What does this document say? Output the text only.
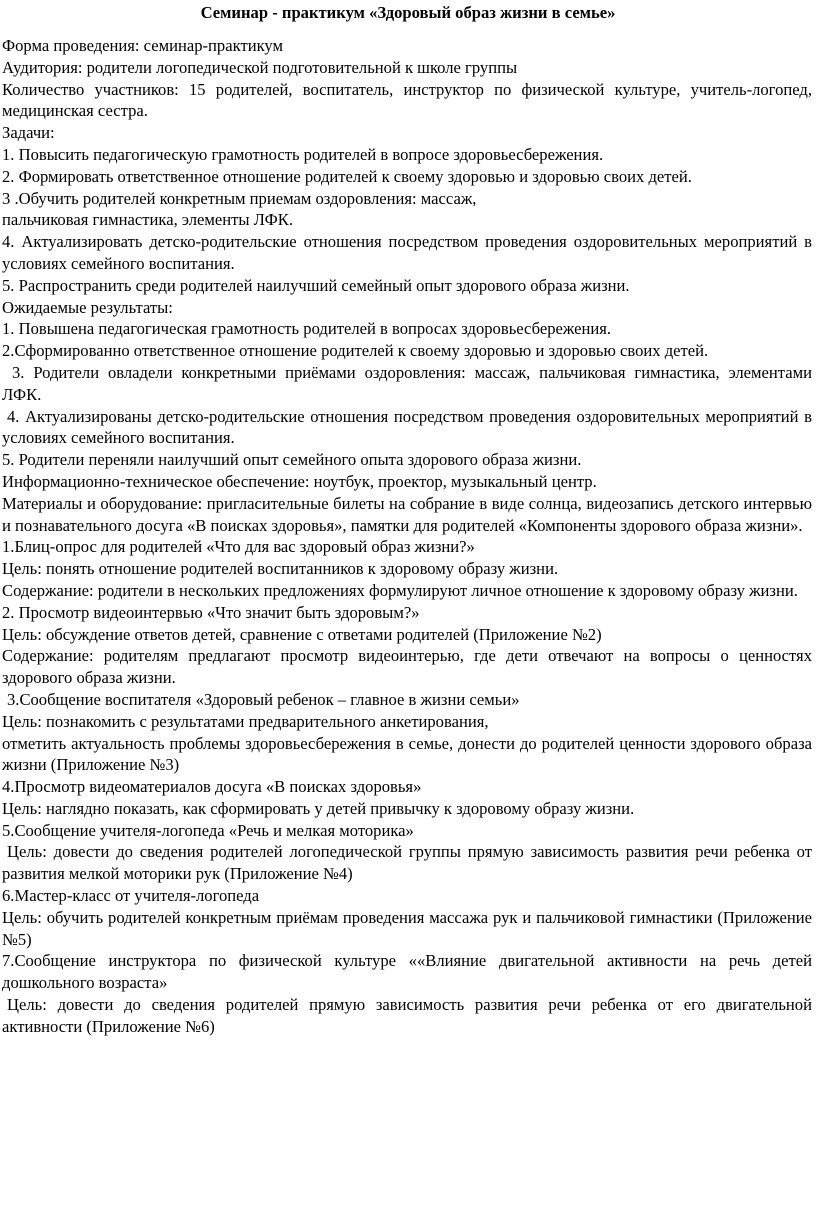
Семинар - практикум «Здоровый образ жизни в семье»

Форма проведения: семинар-практикум

Аудитория: родители логопедической подготовительной к школе группы

Количество участников: 15 родителей, воспитатель, инструктор по физической культуре, учитель-логопед, медицинская сестра.

Задачи:

1. Повысить педагогическую грамотность родителей в вопросе здоровьесбережения.

2. Формировать ответственное отношение родителей к своему здоровью и здоровью своих детей.

3 .Обучить родителей конкретным приемам оздоровления: массаж,

пальчиковая гимнастика, элементы ЛФК.

4. Актуализировать детско-родительские отношения посредством проведения оздоровительных мероприятий в условиях семейного воспитания.

5. Распространить среди родителей наилучший семейный опыт здорового образа жизни.

Ожидаемые результаты:

1. Повышена педагогическая грамотность родителей в вопросах здоровьесбережения.

2.Сформированно ответственное отношение родителей к своему здоровью и здоровью своих детей.

3. Родители овладели конкретными приёмами оздоровления: массаж, пальчиковая гимнастика, элементами ЛФК.

4. Актуализированы детско-родительские отношения посредством проведения оздоровительных мероприятий в условиях семейного воспитания.

5. Родители переняли наилучший опыт семейного опыта здорового образа жизни.

Информационно-техническое обеспечение: ноутбук, проектор, музыкальный центр.

Материалы и оборудование: пригласительные билеты на собрание в виде солнца, видеозапись детского интервью и познавательного досуга «В поисках здоровья», памятки для родителей «Компоненты здорового образа жизни».

1.Блиц-опрос для родителей «Что для вас здоровый образ жизни?»

Цель: понять отношение родителей воспитанников к здоровому образу жизни.

Содержание: родители в нескольких предложениях формулируют личное отношение к здоровому образу жизни.

2. Просмотр видеоинтервью «Что значит быть здоровым?»

Цель: обсуждение ответов детей, сравнение с ответами родителей (Приложение №2)

Содержание: родителям предлагают просмотр видеоинтерью, где дети отвечают на вопросы о ценностях здорового образа жизни.

3.Сообщение воспитателя «Здоровый ребенок – главное в жизни семьи»

Цель: познакомить с результатами предварительного анкетирования,

отметить актуальность проблемы здоровьесбережения в семье, донести до родителей ценности здорового образа жизни (Приложение №3)

4.Просмотр видеоматериалов досуга «В поисках здоровья»

Цель: наглядно показать, как сформировать у детей привычку к здоровому образу жизни.

5.Сообщение учителя-логопеда «Речь и мелкая моторика»

Цель: довести до сведения родителей логопедической группы прямую зависимость развития речи ребенка от развития мелкой моторики рук (Приложение №4)

6.Мастер-класс от учителя-логопеда

Цель: обучить родителей конкретным приёмам проведения массажа рук и пальчиковой гимнастики (Приложение №5)

7.Сообщение инструктора по физической культуре ««Влияние двигательной активности на речь детей дошкольного возраста»

Цель: довести до сведения родителей прямую зависимость развития речи ребенка от его двигательной активности (Приложение №6)
